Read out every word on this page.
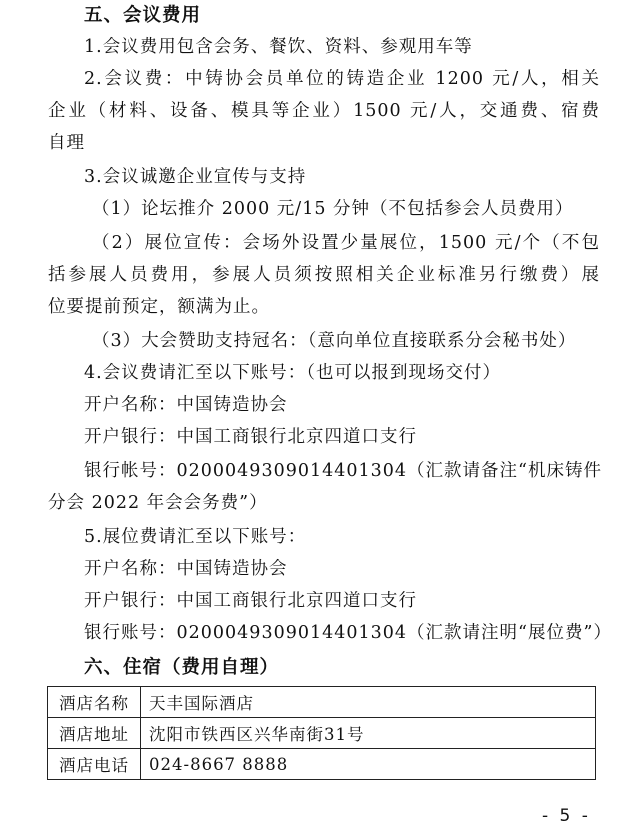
五、会议费用
1.会议费用包含会务、餐饮、资料、参观用车等
2.会议费：中铸协会员单位的铸造企业 1200 元/人，相关
企业（材料、设备、模具等企业）1500 元/人，交通费、宿费
自理
3.会议诚邀企业宣传与支持
（1）论坛推介 2000 元/15 分钟（不包括参会人员费用）
（2）展位宣传：会场外设置少量展位，1500 元/个（不包
括参展人员费用，参展人员须按照相关企业标准另行缴费）展
位要提前预定，额满为止。
（3）大会赞助支持冠名：（意向单位直接联系分会秘书处）
4.会议费请汇至以下账号：（也可以报到现场交付）
开户名称：中国铸造协会
开户银行：中国工商银行北京四道口支行
银行帐号：0200049309014401304（汇款请备注“机床铸件
分会 2022 年会会务费”）
5.展位费请汇至以下账号：
开户名称：中国铸造协会
开户银行：中国工商银行北京四道口支行
银行账号：0200049309014401304（汇款请注明“展位费”）
六、住宿（费用自理）
酒店名称	天丰国际酒店
酒店地址	沈阳市铁西区兴华南街31号
酒店电话	024-8667 8888
- 5 -
